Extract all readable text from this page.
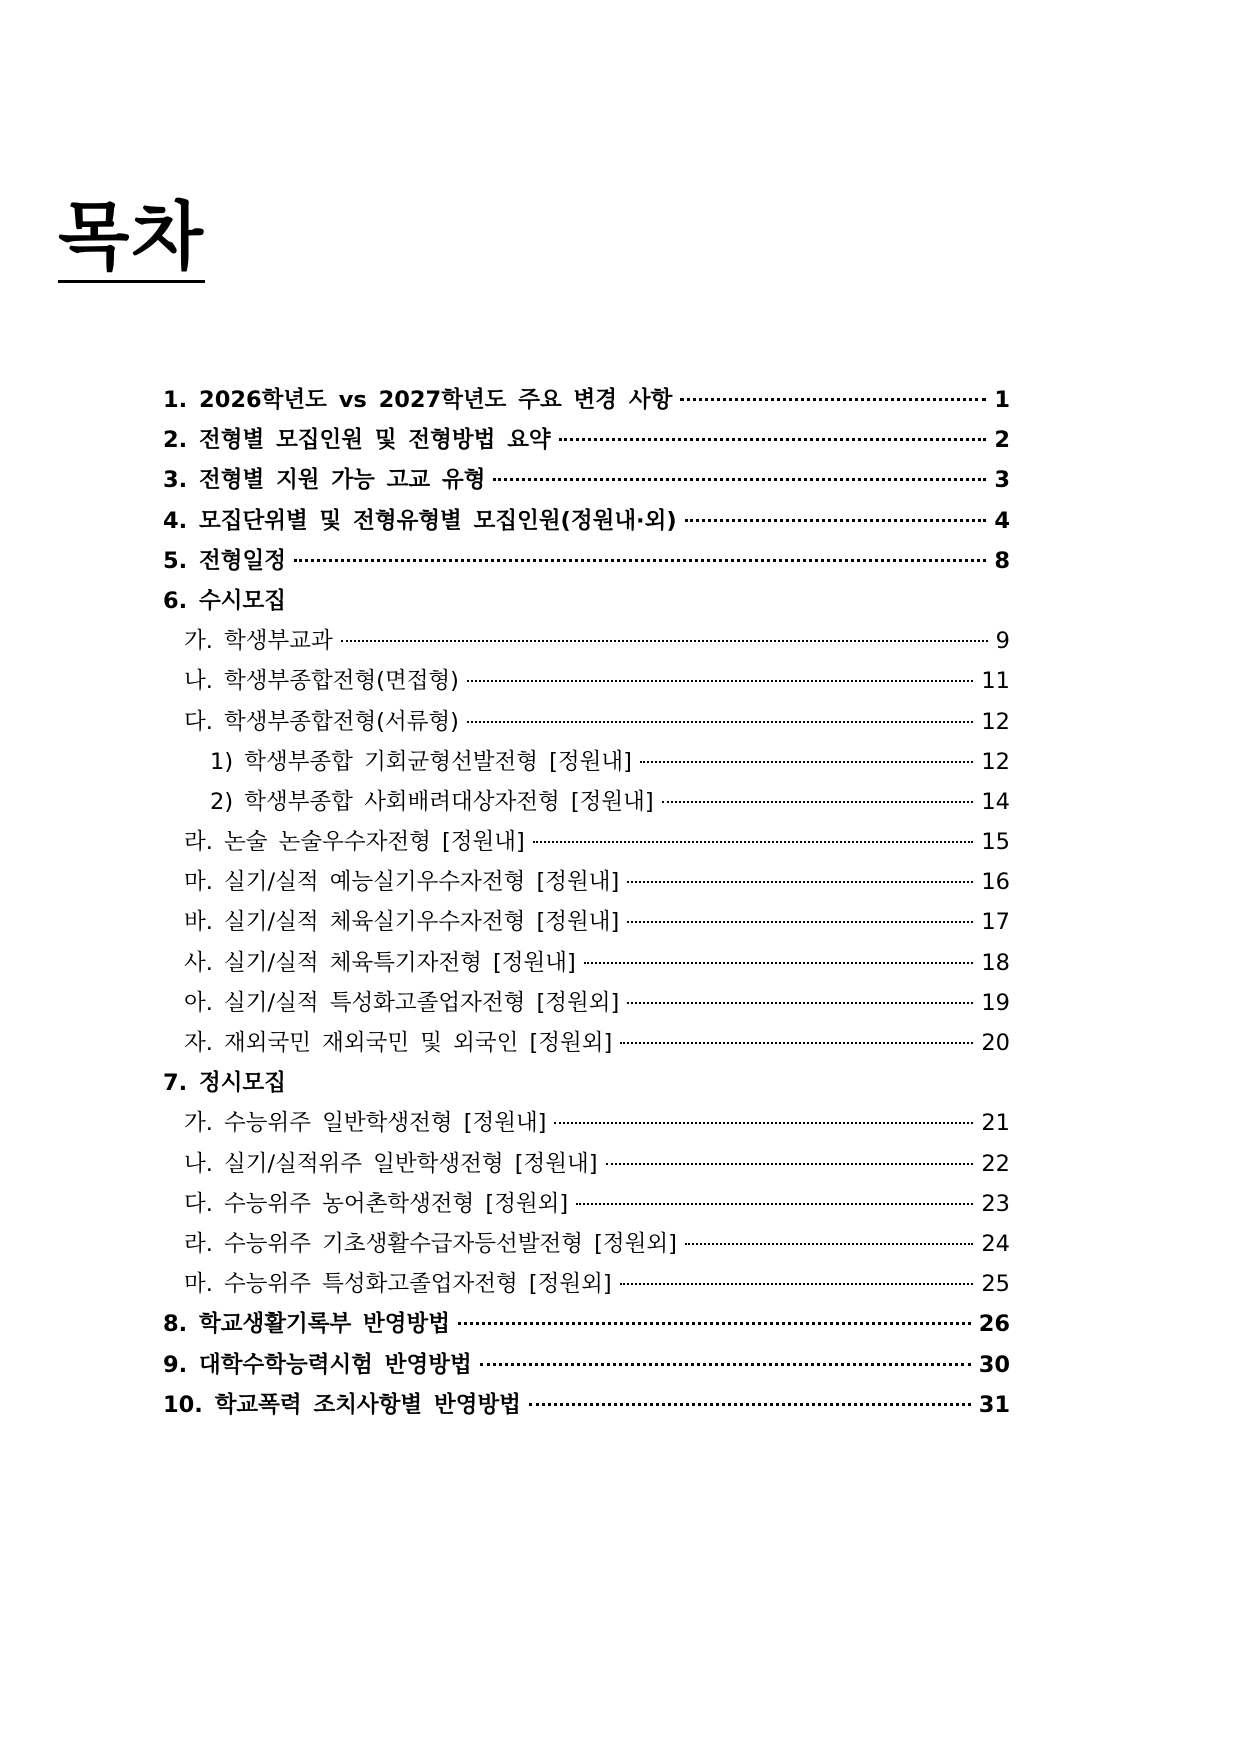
목차
1. 2026학년도 vs 2027학년도 주요 변경 사항	1
2. 전형별 모집인원 및 전형방법 요약	2
3. 전형별 지원 가능 고교 유형	3
4. 모집단위별 및 전형유형별 모집인원(정원내·외)	4
5. 전형일정	8
6. 수시모집
가. 학생부교과	9
나. 학생부종합전형(면접형)	11
다. 학생부종합전형(서류형)	12
1) 학생부종합 기회균형선발전형 [정원내]	12
2) 학생부종합 사회배려대상자전형 [정원내]	14
라. 논술 논술우수자전형 [정원내]	15
마. 실기/실적 예능실기우수자전형 [정원내]	16
바. 실기/실적 체육실기우수자전형 [정원내]	17
사. 실기/실적 체육특기자전형 [정원내]	18
아. 실기/실적 특성화고졸업자전형 [정원외]	19
자. 재외국민 재외국민 및 외국인 [정원외]	20
7. 정시모집
가. 수능위주 일반학생전형 [정원내]	21
나. 실기/실적위주 일반학생전형 [정원내]	22
다. 수능위주 농어촌학생전형 [정원외]	23
라. 수능위주 기초생활수급자등선발전형 [정원외]	24
마. 수능위주 특성화고졸업자전형 [정원외]	25
8. 학교생활기록부 반영방법	26
9. 대학수학능력시험 반영방법	30
10. 학교폭력 조치사항별 반영방법	31
